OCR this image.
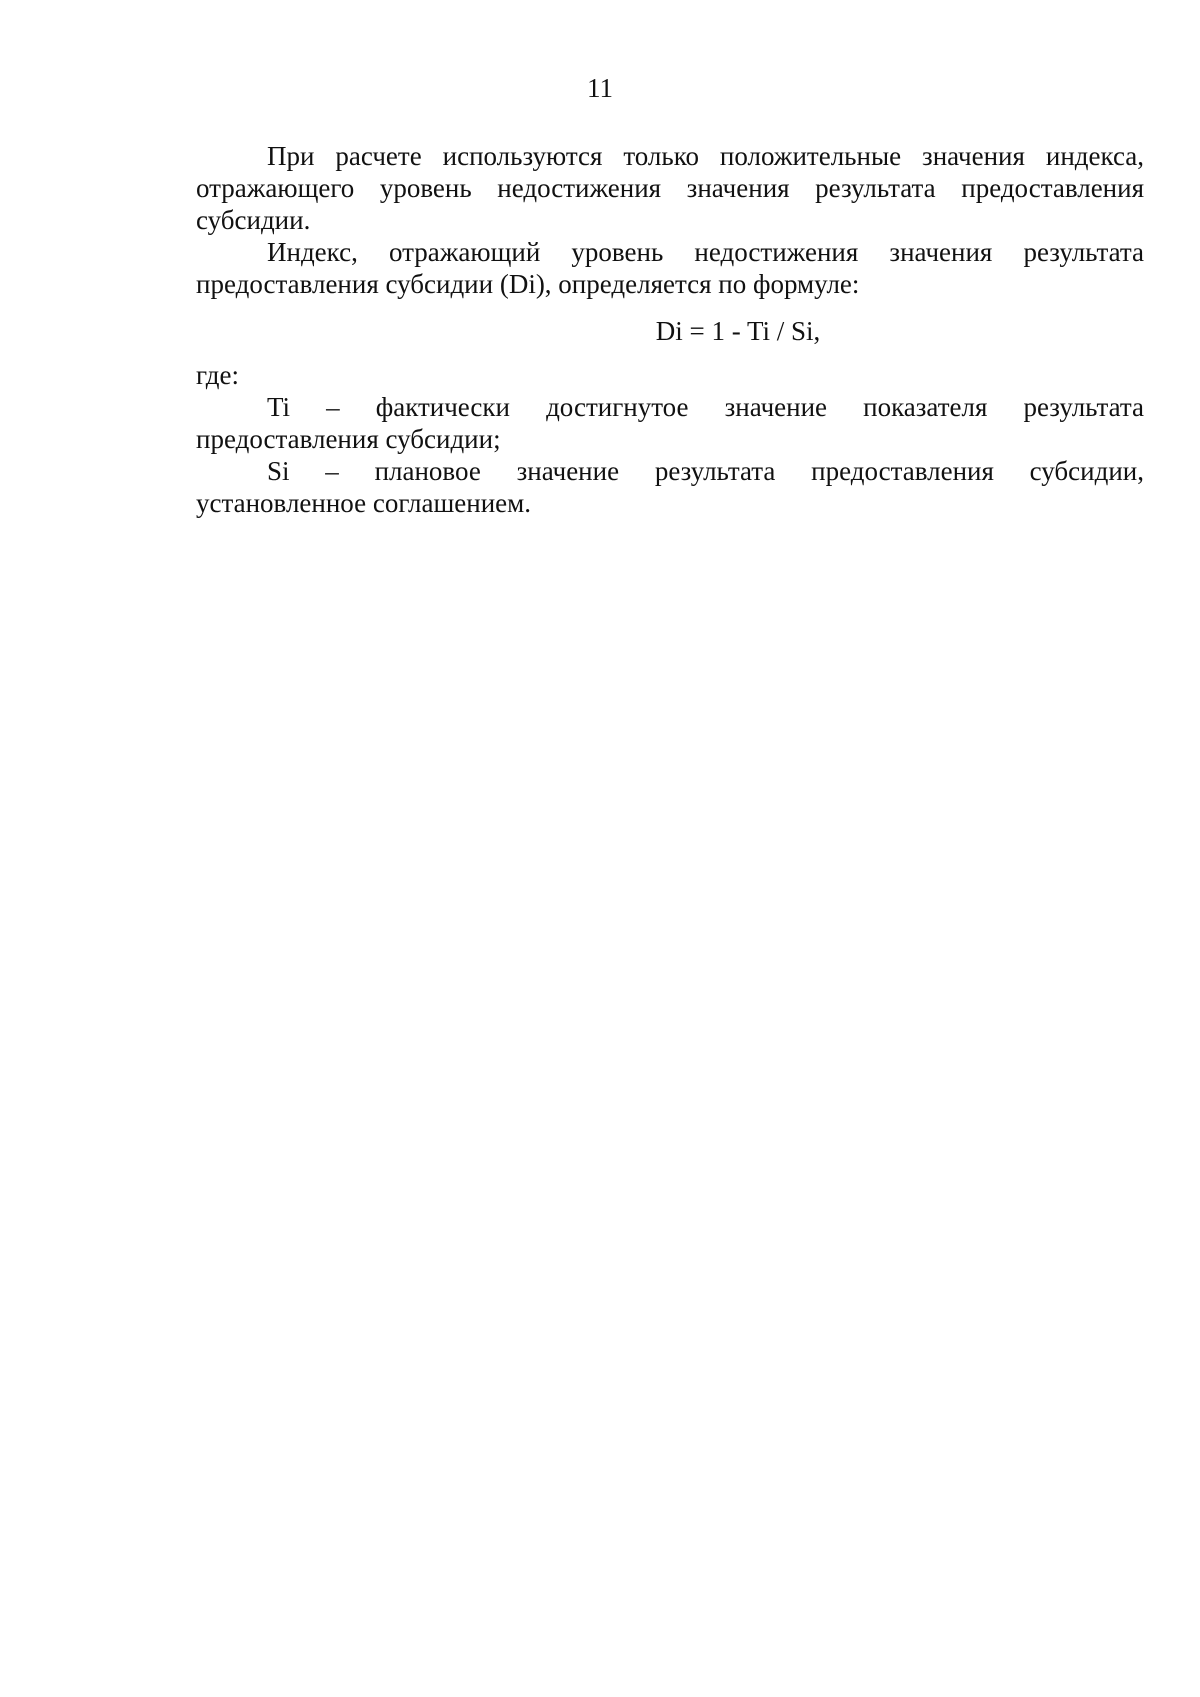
11

При расчете используются только положительные значения индекса, отражающего уровень недостижения значения результата предоставления субсидии.

Индекс, отражающий уровень недостижения значения результата предоставления субсидии (Di), определяется по формуле:

Di = 1 - Ti / Si,

где:

Ti – фактически достигнутое значение показателя результата предоставления субсидии;

Si – плановое значение результата предоставления субсидии, установленное соглашением.
